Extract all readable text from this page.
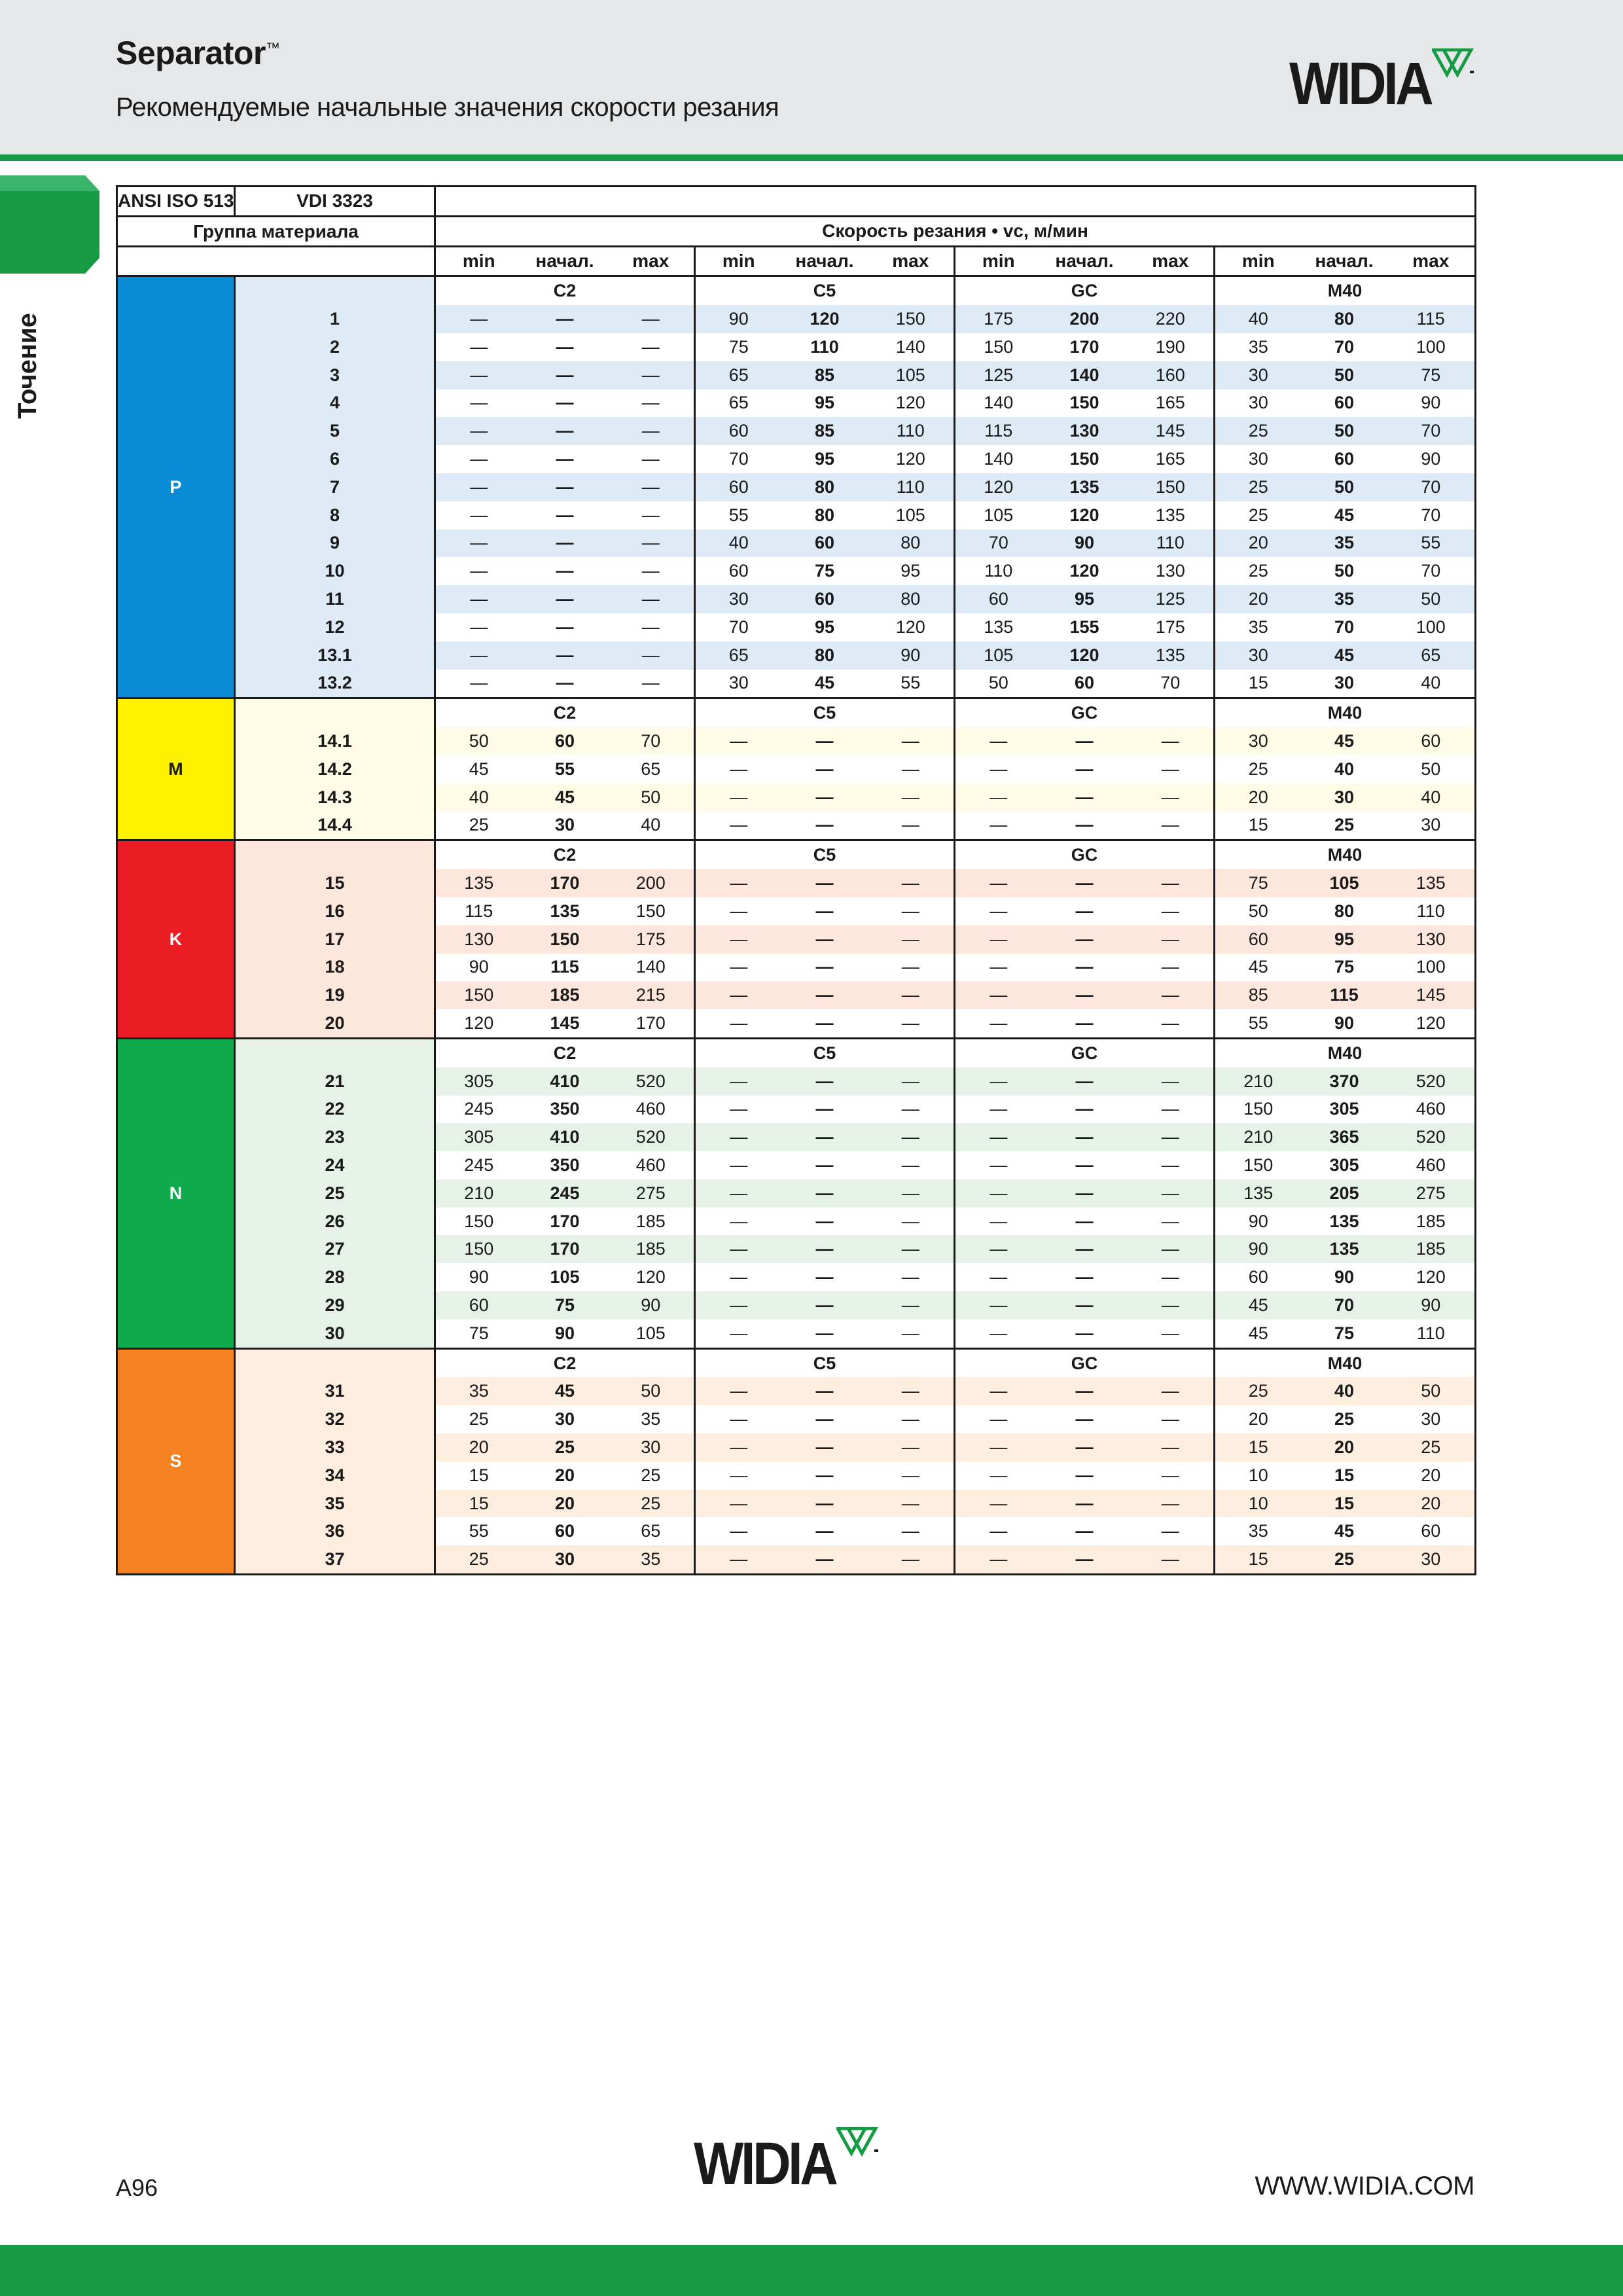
Separator™
Рекомендуемые начальные значения скорости резания	WIDIA
Точение
ANSI ISO 513	VDI 3323												
Группа материала		Скорость резания • vc, м/мин											
		min	начал.	max	min	начал.	max	min	начал.	max	min	начал.	max
P		C2			C5			GC			M40		
	1	—	—	—	90	120	150	175	200	220	40	80	115
	2	—	—	—	75	110	140	150	170	190	35	70	100
	3	—	—	—	65	85	105	125	140	160	30	50	75
	4	—	—	—	65	95	120	140	150	165	30	60	90
	5	—	—	—	60	85	110	115	130	145	25	50	70
	6	—	—	—	70	95	120	140	150	165	30	60	90
	7	—	—	—	60	80	110	120	135	150	25	50	70
	8	—	—	—	55	80	105	105	120	135	25	45	70
	9	—	—	—	40	60	80	70	90	110	20	35	55
	10	—	—	—	60	75	95	110	120	130	25	50	70
	11	—	—	—	30	60	80	60	95	125	20	35	50
	12	—	—	—	70	95	120	135	155	175	35	70	100
	13.1	—	—	—	65	80	90	105	120	135	30	45	65
	13.2	—	—	—	30	45	55	50	60	70	15	30	40
M		C2			C5			GC			M40		
	14.1	50	60	70	—	—	—	—	—	—	30	45	60
	14.2	45	55	65	—	—	—	—	—	—	25	40	50
	14.3	40	45	50	—	—	—	—	—	—	20	30	40
	14.4	25	30	40	—	—	—	—	—	—	15	25	30
K		C2			C5			GC			M40		
	15	135	170	200	—	—	—	—	—	—	75	105	135
	16	115	135	150	—	—	—	—	—	—	50	80	110
	17	130	150	175	—	—	—	—	—	—	60	95	130
	18	90	115	140	—	—	—	—	—	—	45	75	100
	19	150	185	215	—	—	—	—	—	—	85	115	145
	20	120	145	170	—	—	—	—	—	—	55	90	120
N		C2			C5			GC			M40		
	21	305	410	520	—	—	—	—	—	—	210	370	520
	22	245	350	460	—	—	—	—	—	—	150	305	460
	23	305	410	520	—	—	—	—	—	—	210	365	520
	24	245	350	460	—	—	—	—	—	—	150	305	460
	25	210	245	275	—	—	—	—	—	—	135	205	275
	26	150	170	185	—	—	—	—	—	—	90	135	185
	27	150	170	185	—	—	—	—	—	—	90	135	185
	28	90	105	120	—	—	—	—	—	—	60	90	120
	29	60	75	90	—	—	—	—	—	—	45	70	90
	30	75	90	105	—	—	—	—	—	—	45	75	110
S		C2			C5			GC			M40		
	31	35	45	50	—	—	—	—	—	—	25	40	50
	32	25	30	35	—	—	—	—	—	—	20	25	30
	33	20	25	30	—	—	—	—	—	—	15	20	25
	34	15	20	25	—	—	—	—	—	—	10	15	20
	35	15	20	25	—	—	—	—	—	—	10	15	20
	36	55	60	65	—	—	—	—	—	—	35	45	60
	37	25	30	35	—	—	—	—	—	—	15	25	30
WIDIA
A96	WWW.WIDIA.COM
